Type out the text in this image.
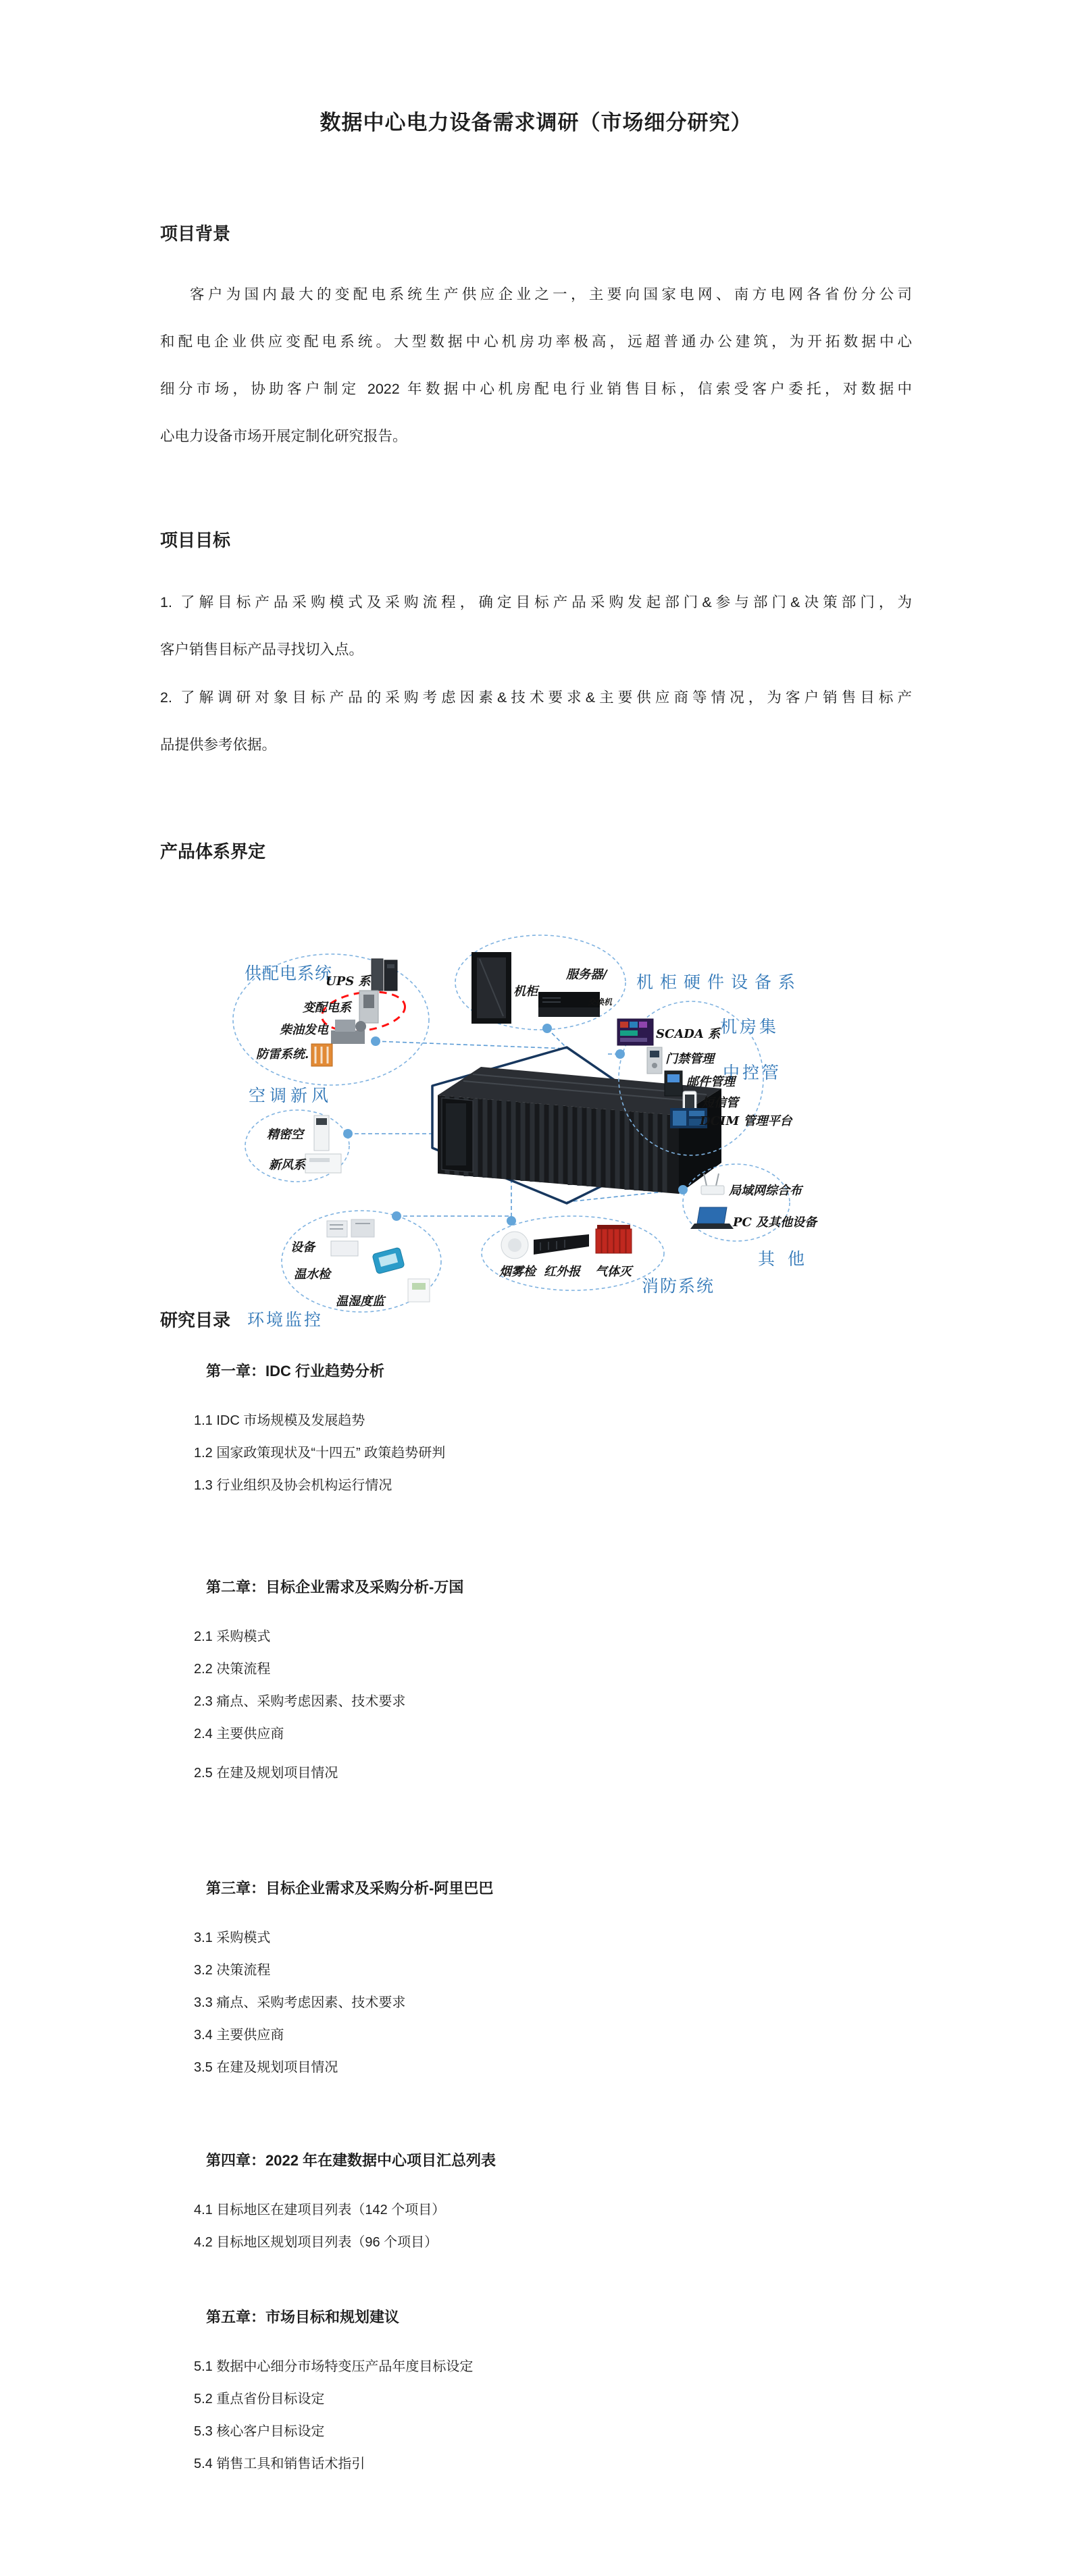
数据中心电力设备需求调研（市场细分研究）
项目背景
客户为国内最大的变配电系统生产供应企业之一，主要向国家电网、南方电网各省份分公司
和配电企业供应变配电系统。大型数据中心机房功率极高，远超普通办公建筑，为开拓数据中心
细分市场，协助客户制定 2022 年数据中心机房配电行业销售目标，信索受客户委托，对数据中
心电力设备市场开展定制化研究报告。
项目目标
1. 了解目标产品采购模式及采购流程，确定目标产品采购发起部门&参与部门&决策部门，为
客户销售目标产品寻找切入点。
2. 了解调研对象目标产品的采购考虑因素&技术要求&主要供应商等情况，为客户销售目标产
品提供参考依据。
产品体系界定
供配电系统
空调新风
机柜硬件设备系
机房集
中控管
其 他
消防系统
环境监控
UPS 系
变配电系
柴油发电
防雷系统.
精密空
新风系
机柜
服务器/
交换机
SCADA 系
门禁管理
邮件管理
短信管
DCIM 管理平台
局域网综合布
PC 及其他设备
烟雾检 红外报 气体灭
设备
温水检
温湿度监
研究目录
第一章：IDC 行业趋势分析
1.1 IDC 市场规模及发展趋势
1.2 国家政策现状及“十四五” 政策趋势研判
1.3 行业组织及协会机构运行情况
第二章：目标企业需求及采购分析-万国
2.1 采购模式
2.2 决策流程
2.3 痛点、采购考虑因素、技术要求
2.4 主要供应商
2.5 在建及规划项目情况
第三章：目标企业需求及采购分析-阿里巴巴
3.1 采购模式
3.2 决策流程
3.3 痛点、采购考虑因素、技术要求
3.4 主要供应商
3.5 在建及规划项目情况
第四章：2022 年在建数据中心项目汇总列表
4.1 目标地区在建项目列表（142 个项目）
4.2 目标地区规划项目列表（96 个项目）
第五章：市场目标和规划建议
5.1 数据中心细分市场特变压产品年度目标设定
5.2 重点省份目标设定
5.3 核心客户目标设定
5.4 销售工具和销售话术指引
